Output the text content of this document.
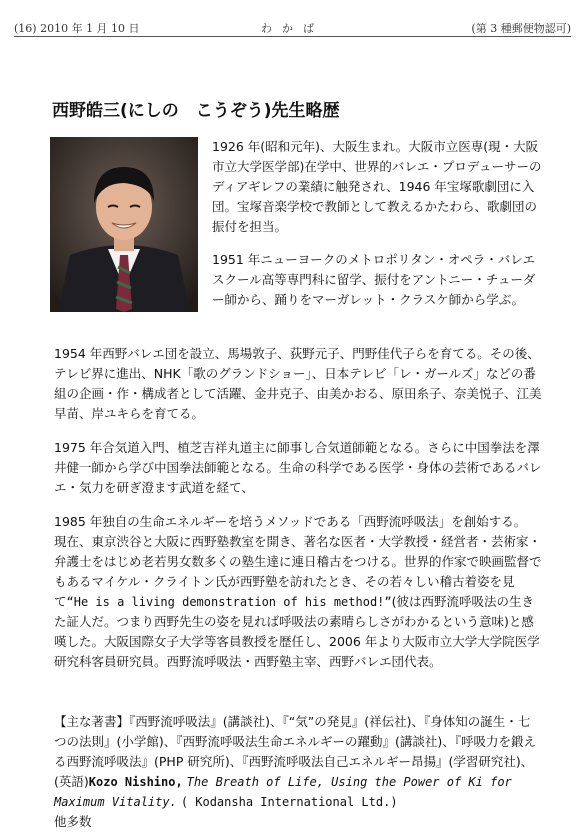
(16) 2010 年 1 月 10 日	わかば	(第 3 種郵便物認可)
西野皓三(にしの　こうぞう)先生略歴
1926 年(昭和元年)、大阪生まれ。大阪市立医専(現・大阪市立大学医学部)在学中、世界的バレエ・プロデューサーのディアギレフの業績に触発され、1946 年宝塚歌劇団に入団。宝塚音楽学校で教師として教えるかたわら、歌劇団の振付を担当。
1951 年ニューヨークのメトロポリタン・オペラ・バレエスクール高等専門科に留学、振付をアントニー・チューダー師から、踊りをマーガレット・クラスケ師から学ぶ。
1954 年西野バレエ団を設立、馬場敦子、荻野元子、門野佳代子らを育てる。その後、テレビ界に進出、NHK「歌のグランドショー」、日本テレビ「レ・ガールズ」などの番組の企画・作・構成者として活躍、金井克子、由美かおる、原田糸子、奈美悦子、江美早苗、岸ユキらを育てる。
1975 年合気道入門、植芝吉祥丸道主に師事し合気道師範となる。さらに中国拳法を澤井健一師から学び中国拳法師範となる。生命の科学である医学・身体の芸術であるバレエ・気力を研ぎ澄ます武道を経て、
1985 年独自の生命エネルギーを培うメソッドである「西野流呼吸法」を創始する。
現在、東京渋谷と大阪に西野塾教室を開き、著名な医者・大学教授・経営者・芸術家・弁護士をはじめ老若男女数多くの塾生達に連日稽古をつける。世界的作家で映画監督でもあるマイケル・クライトン氏が西野塾を訪れたとき、その若々しい稽古着姿を見て“He is a living demonstration of his method!”(彼は西野流呼吸法の生きた証人だ。つまり西野先生の姿を見れば呼吸法の素晴らしさがわかるという意味)と感嘆した。大阪国際女子大学等客員教授を歴任し、2006 年より大阪市立大学大学院医学研究科客員研究員。西野流呼吸法・西野塾主宰、西野バレエ団代表。
【主な著書】『西野流呼吸法』(講談社)、『“気”の発見』(祥伝社)、『身体知の誕生・七つの法則』(小学館)、『西野流呼吸法生命エネルギーの躍動』(講談社)、『呼吸力を鍛える西野流呼吸法』(PHP 研究所)、『西野流呼吸法自己エネルギー昂揚』(学習研究社)、(英語)Kozo Nishino, The Breath of Life, Using the Power of Ki for Maximum Vitality. ( Kodansha International Ltd.)
他多数
